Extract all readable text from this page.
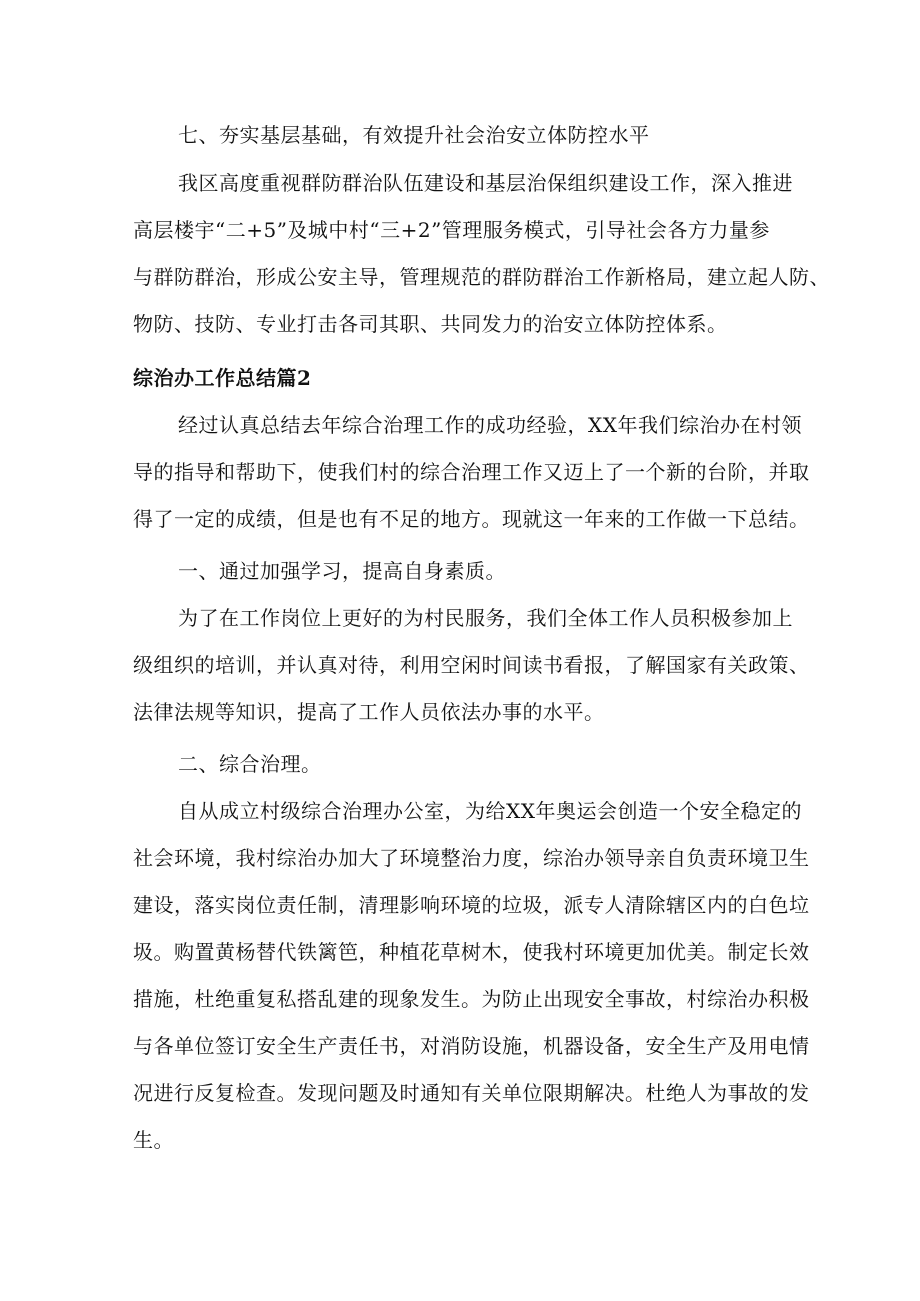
七、夯实基层基础，有效提升社会治安立体防控水平

我区高度重视群防群治队伍建设和基层治保组织建设工作，深入推进
高层楼宇“二+5”及城中村“三+2”管理服务模式，引导社会各方力量参
与群防群治，形成公安主导，管理规范的群防群治工作新格局，建立起人防、
物防、技防、专业打击各司其职、共同发力的治安立体防控体系。

综治办工作总结篇2

经过认真总结去年综合治理工作的成功经验，XX年我们综治办在村领
导的指导和帮助下，使我们村的综合治理工作又迈上了一个新的台阶，并取
得了一定的成绩，但是也有不足的地方。现就这一年来的工作做一下总结。

一、通过加强学习，提高自身素质。

为了在工作岗位上更好的为村民服务，我们全体工作人员积极参加上
级组织的培训，并认真对待，利用空闲时间读书看报，了解国家有关政策、
法律法规等知识，提高了工作人员依法办事的水平。

二、综合治理。

自从成立村级综合治理办公室，为给XX年奥运会创造一个安全稳定的
社会环境，我村综治办加大了环境整治力度，综治办领导亲自负责环境卫生
建设，落实岗位责任制，清理影响环境的垃圾，派专人清除辖区内的白色垃
圾。购置黄杨替代铁篱笆，种植花草树木，使我村环境更加优美。制定长效
措施，杜绝重复私搭乱建的现象发生。为防止出现安全事故，村综治办积极
与各单位签订安全生产责任书，对消防设施，机器设备，安全生产及用电情
况进行反复检查。发现问题及时通知有关单位限期解决。杜绝人为事故的发
生。
